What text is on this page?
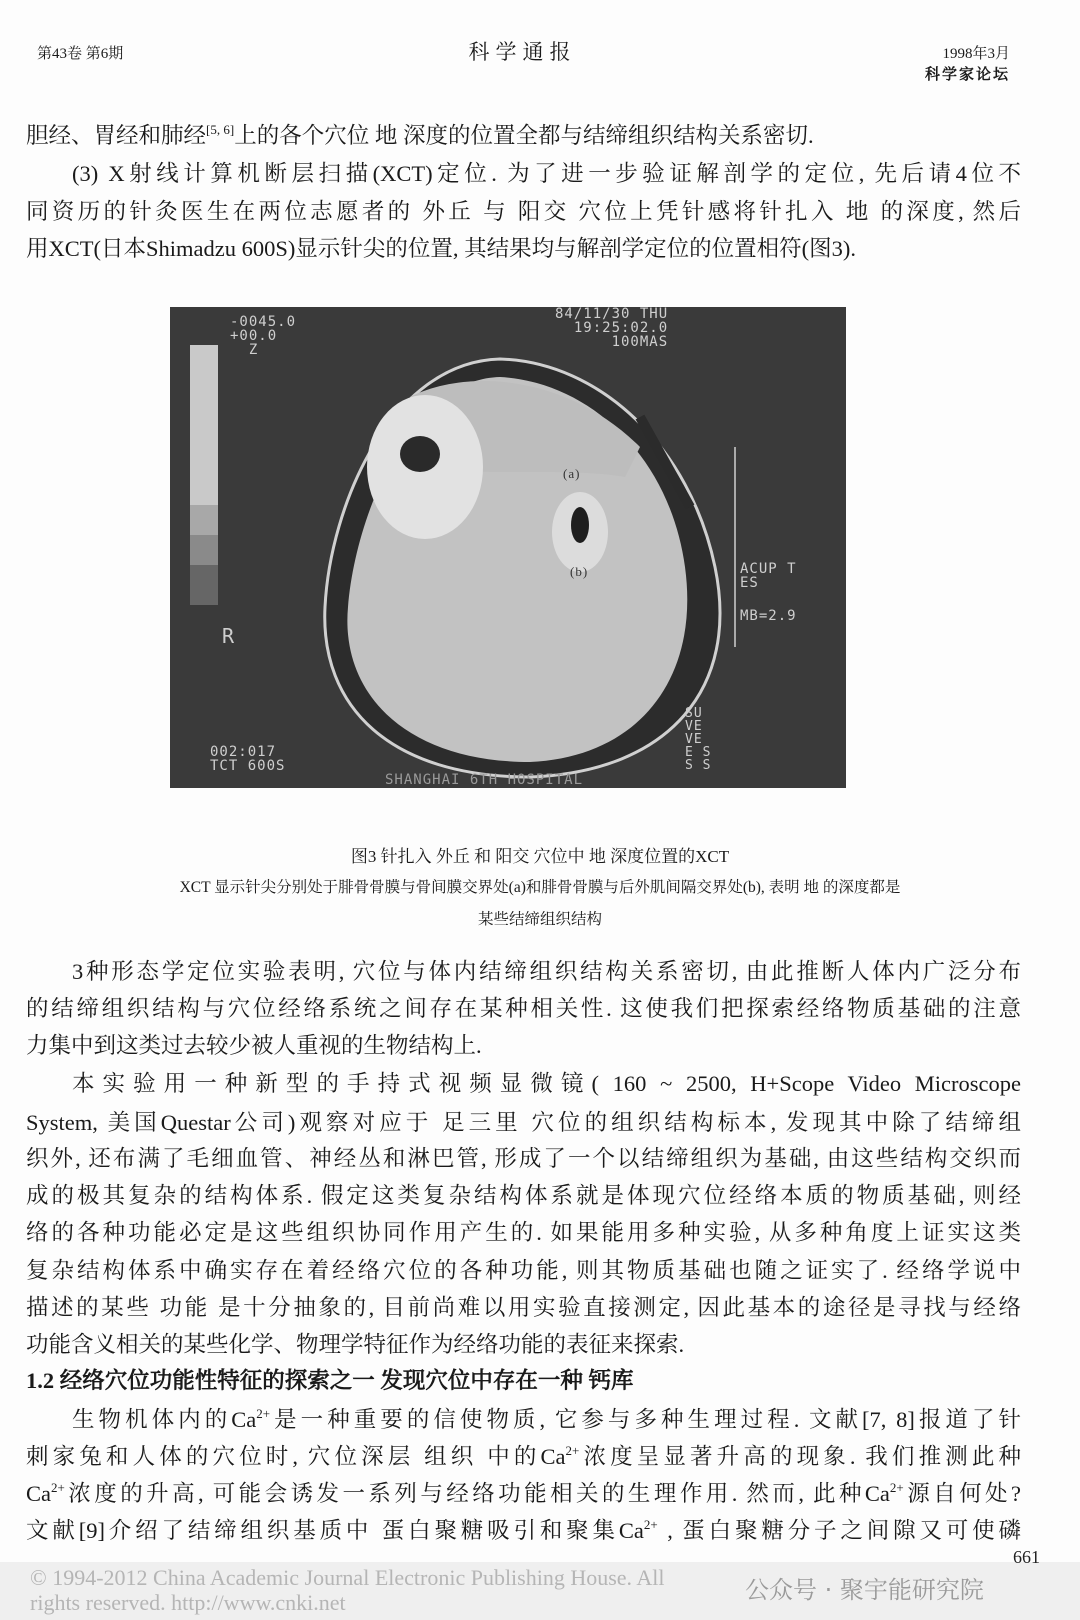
第43卷 第6期	科学通报	1998年3月
科学家论坛
胆经、胃经和肺经[5, 6]上的各个穴位 地 深度的位置全都与结缔组织结构关系密切.
(3) X射线计算机断层扫描(XCT)定位. 为了进一步验证解剖学的定位, 先后请4位不
同资历的针灸医生在两位志愿者的 外丘 与 阳交 穴位上凭针感将针扎入 地 的深度, 然后
用XCT(日本Shimadzu 600S)显示针尖的位置, 其结果均与解剖学定位的位置相符(图3).
-0045.0
+00.0
Z
84/11/30 THU
19:25:02.0
100MAS
(a)
(b)	ACUP T
ES
MB=2.9
R
002:017
TCT 600S
SHANGHAI 6TH HOSPITAL
SU
VE
VE
E S
S S
图3 针扎入 外丘 和 阳交 穴位中 地 深度位置的XCT
XCT 显示针尖分别处于腓骨骨膜与骨间膜交界处(a)和腓骨骨膜与后外肌间隔交界处(b), 表明 地 的深度都是
某些结缔组织结构
3种形态学定位实验表明, 穴位与体内结缔组织结构关系密切, 由此推断人体内广泛分布
的结缔组织结构与穴位经络系统之间存在某种相关性. 这使我们把探索经络物质基础的注意
力集中到这类过去较少被人重视的生物结构上.
本实验用一种新型的手持式视频显微镜( 160 ~ 2500, H+Scope Video Microscope
System, 美国Questar公司)观察对应于 足三里 穴位的组织结构标本, 发现其中除了结缔组
织外, 还布满了毛细血管、神经丛和淋巴管, 形成了一个以结缔组织为基础, 由这些结构交织而
成的极其复杂的结构体系. 假定这类复杂结构体系就是体现穴位经络本质的物质基础, 则经
络的各种功能必定是这些组织协同作用产生的. 如果能用多种实验, 从多种角度上证实这类
复杂结构体系中确实存在着经络穴位的各种功能, 则其物质基础也随之证实了. 经络学说中
描述的某些 功能 是十分抽象的, 目前尚难以用实验直接测定, 因此基本的途径是寻找与经络
功能含义相关的某些化学、物理学特征作为经络功能的表征来探索.
1.2 经络穴位功能性特征的探索之一 发现穴位中存在一种 钙库
生物机体内的$Ca^{2+}$是一种重要的信使物质, 它参与多种生理过程. 文献[7, 8]报道了针
刺家兔和人体的穴位时, 穴位深层 组织 中的$Ca^{2+}$浓度呈显著升高的现象. 我们推测此种
$Ca^{2+}$浓度的升高, 可能会诱发一系列与经络功能相关的生理作用. 然而, 此种$Ca^{2+}$源自何处?
文献[9]介绍了结缔组织基质中 蛋白聚糖吸引和聚集$Ca^{2+}$ , 蛋白聚糖分子之间隙又可使磷
© 1994-2012 China Academic Journal Electronic Publishing House. All rights reserved. http://www.cnki.net	公众号 · 聚宇能研究院
661
